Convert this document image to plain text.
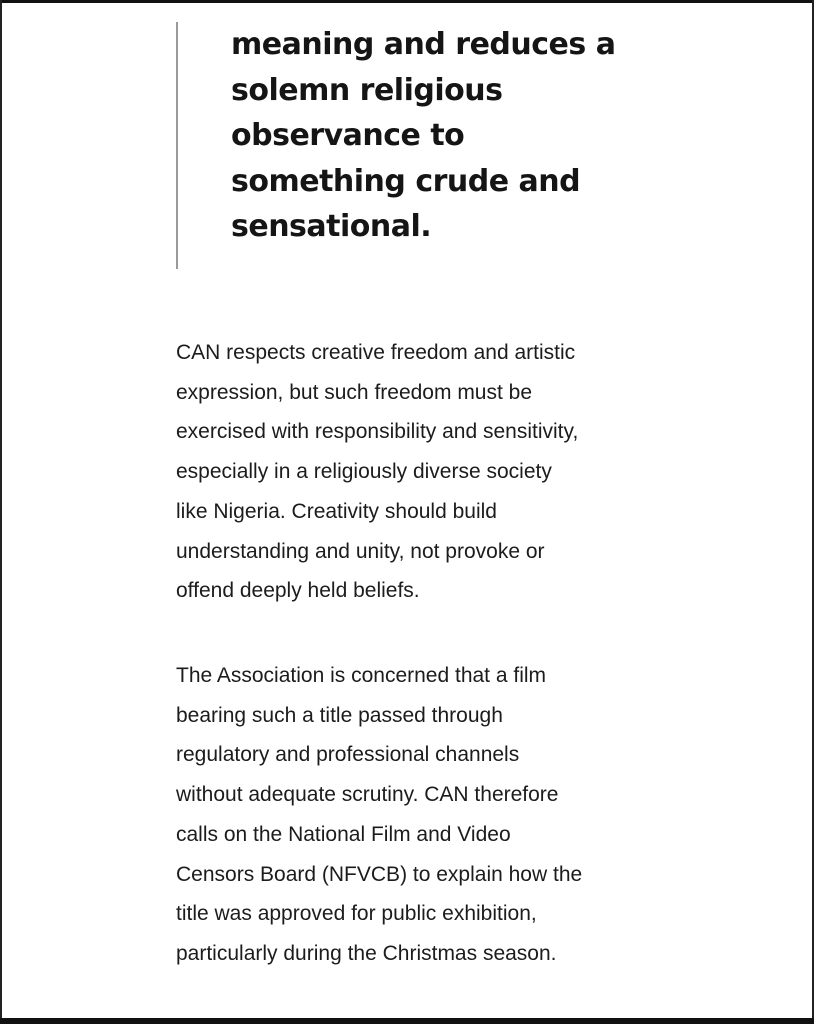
meaning and reduces a
solemn religious
observance to
something crude and
sensational.

CAN respects creative freedom and artistic
expression, but such freedom must be
exercised with responsibility and sensitivity,
especially in a religiously diverse society
like Nigeria. Creativity should build
understanding and unity, not provoke or
offend deeply held beliefs.

The Association is concerned that a film
bearing such a title passed through
regulatory and professional channels
without adequate scrutiny. CAN therefore
calls on the National Film and Video
Censors Board (NFVCB) to explain how the
title was approved for public exhibition,
particularly during the Christmas season.
